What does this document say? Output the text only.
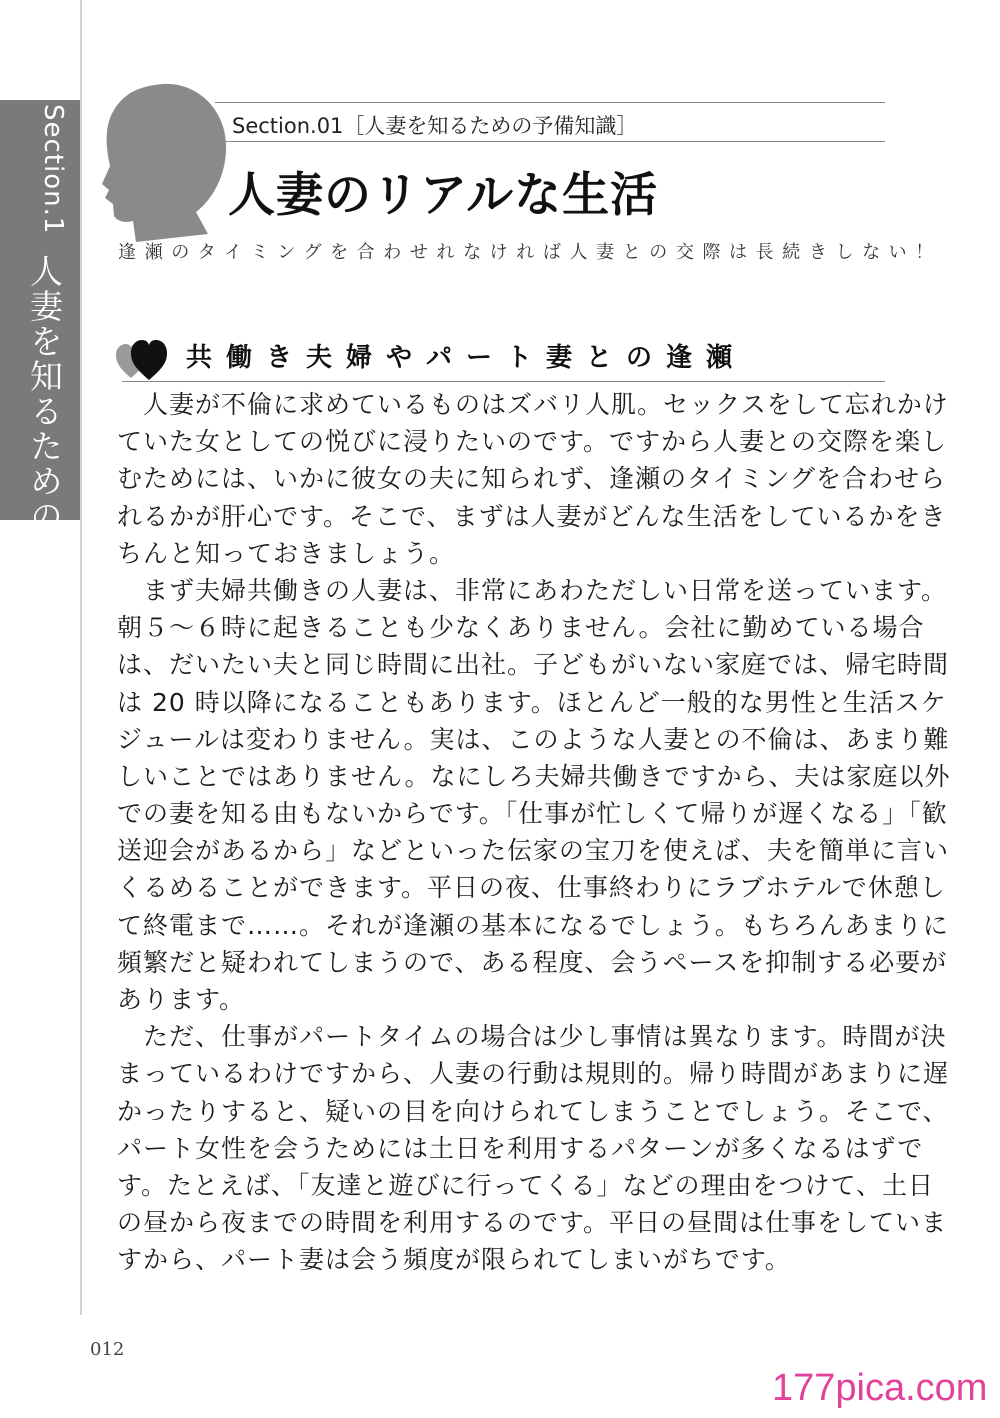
Section.1
人妻を知るための予備知識
Section.01［人妻を知るための予備知識］
人妻のリアルな生活
逢瀬のタイミングを合わせれなければ人妻との交際は長続きしない！
共働き夫婦やパート妻との逢瀬
　人妻が不倫に求めているものはズバリ人肌。セックスをして忘れかけ
ていた女としての悦びに浸りたいのです。ですから人妻との交際を楽し
むためには、いかに彼女の夫に知られず、逢瀬のタイミングを合わせら
れるかが肝心です。そこで、まずは人妻がどんな生活をしているかをき
ちんと知っておきましょう。
　まず夫婦共働きの人妻は、非常にあわただしい日常を送っています。
朝５～６時に起きることも少なくありません。会社に勤めている場合
は、だいたい夫と同じ時間に出社。子どもがいない家庭では、帰宅時間
は 20 時以降になることもあります。ほとんど一般的な男性と生活スケ
ジュールは変わりません。実は、このような人妻との不倫は、あまり難
しいことではありません。なにしろ夫婦共働きですから、夫は家庭以外
での妻を知る由もないからです。「仕事が忙しくて帰りが遅くなる」「歓
送迎会があるから」などといった伝家の宝刀を使えば、夫を簡単に言い
くるめることができます。平日の夜、仕事終わりにラブホテルで休憩し
て終電まで……。それが逢瀬の基本になるでしょう。もちろんあまりに
頻繁だと疑われてしまうので、ある程度、会うペースを抑制する必要が
あります。
　ただ、仕事がパートタイムの場合は少し事情は異なります。時間が決
まっているわけですから、人妻の行動は規則的。帰り時間があまりに遅
かったりすると、疑いの目を向けられてしまうことでしょう。そこで、
パート女性を会うためには土日を利用するパターンが多くなるはずで
す。たとえば、「友達と遊びに行ってくる」などの理由をつけて、土日
の昼から夜までの時間を利用するのです。平日の昼間は仕事をしていま
すから、パート妻は会う頻度が限られてしまいがちです。
012
177pica.com
